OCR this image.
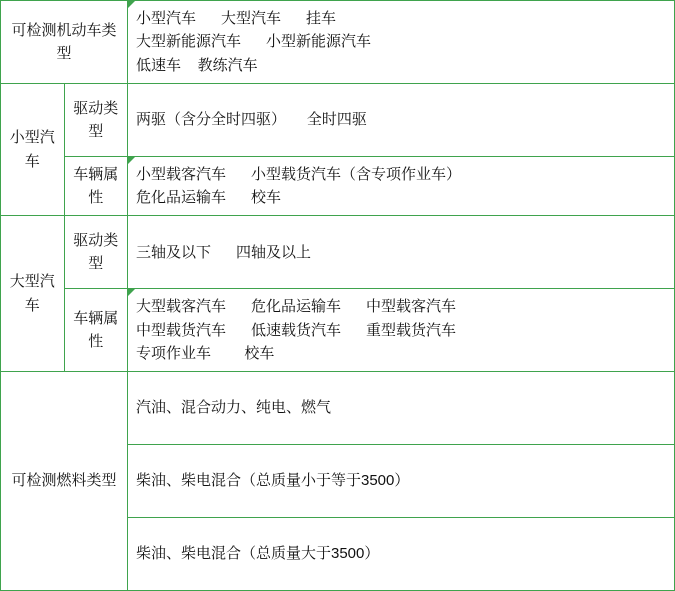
可检测机动车类型		小型汽车      大型汽车      挂车
大型新能源汽车      小型新能源汽车
低速车    教练汽车

小型汽车	驱动类型	两驱（含分全时四驱）     全时四驱

	车辆属性	小型载客汽车      小型载货汽车（含专项作业车）
危化品运输车      校车

大型汽车	驱动类型	三轴及以下      四轴及以上

	车辆属性	大型载客汽车      危化品运输车      中型载客汽车
中型载货汽车      低速载货汽车      重型载货汽车
专项作业车        校车

可检测燃料类型		汽油、混合动力、纯电、燃气

		柴油、柴电混合（总质量小于等于3500）

		柴油、柴电混合（总质量大于3500）
